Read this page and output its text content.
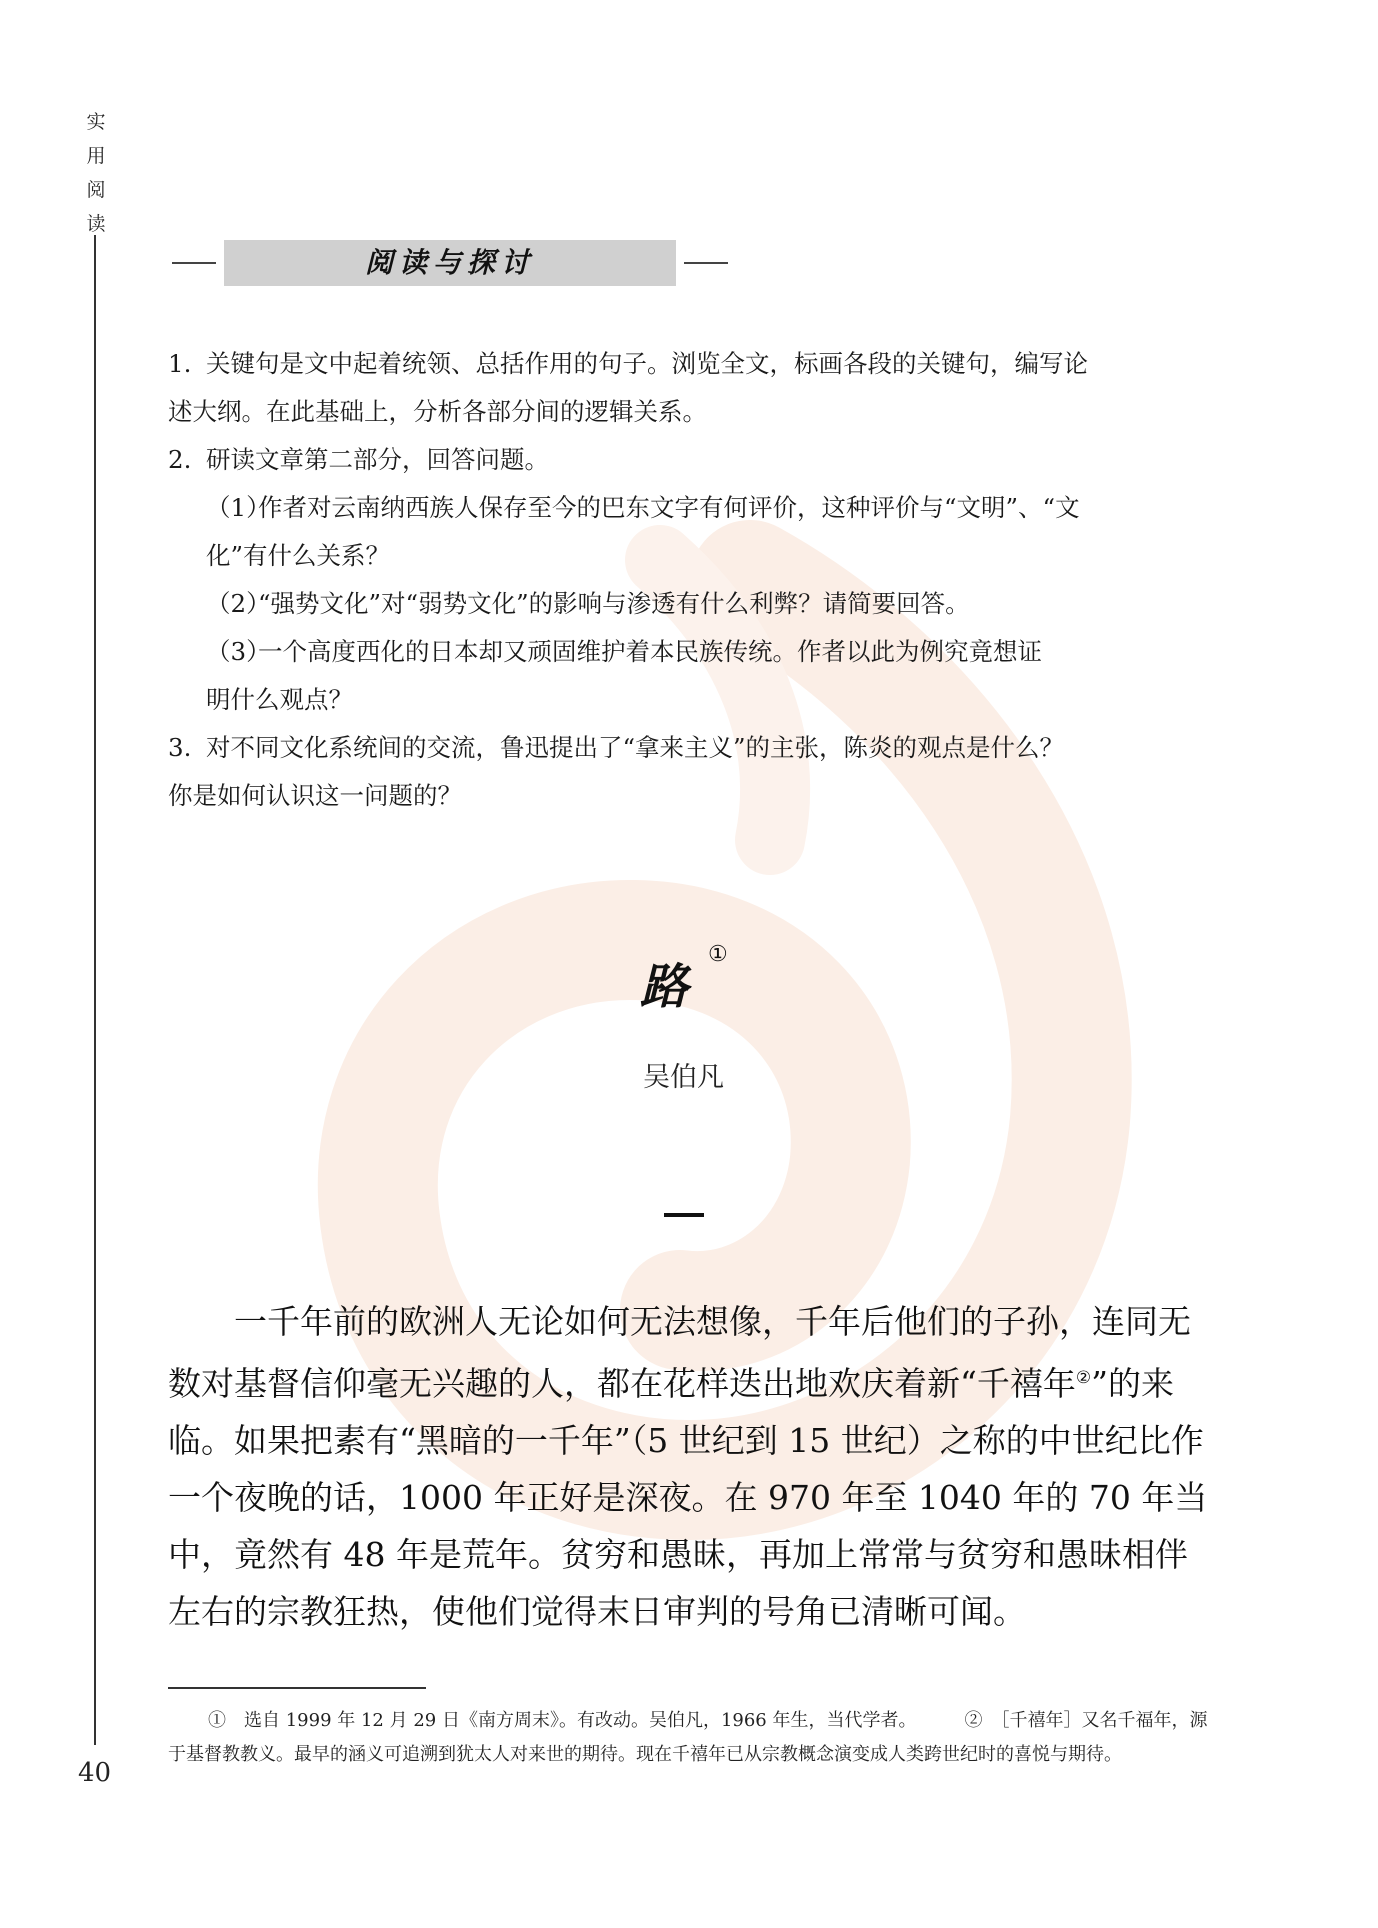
实
用
阅
读
40
阅读与探讨

1. 关键句是文中起着统领、总括作用的句子。浏览全文，标画各段的关键句，编写论

述大纲。在此基础上，分析各部分间的逻辑关系。

2. 研读文章第二部分，回答问题。

（1）作者对云南纳西族人保存至今的巴东文字有何评价，这种评价与“文明”、“文

化”有什么关系？

（2）“强势文化”对“弱势文化”的影响与渗透有什么利弊？请简要回答。

（3）一个高度西化的日本却又顽固维护着本民族传统。作者以此为例究竟想证

明什么观点？

3. 对不同文化系统间的交流，鲁迅提出了“拿来主义”的主张，陈炎的观点是什么？

你是如何认识这一问题的？

路
①
吴伯凡

一千年前的欧洲人无论如何无法想像，千年后他们的子孙，连同无数对基督信仰毫无兴趣的人，都在花样迭出地欢庆着新“千禧年②”的来临。如果把素有“黑暗的一千年”（5 世纪到 15 世纪）之称的中世纪比作一个夜晚的话，1000 年正好是深夜。在 970 年至 1040 年的 70 年当中，竟然有 48 年是荒年。贫穷和愚昧，再加上常常与贫穷和愚昧相伴左右的宗教狂热，使他们觉得末日审判的号角已清晰可闻。

①　选自 1999 年 12 月 29 日《南方周末》。有改动。吴伯凡，1966 年生，当代学者。	②　［千禧年］又名千福年，源于基督教教义。最早的涵义可追溯到犹太人对来世的期待。现在千禧年已从宗教概念演变成人类跨世纪时的喜悦与期待。
